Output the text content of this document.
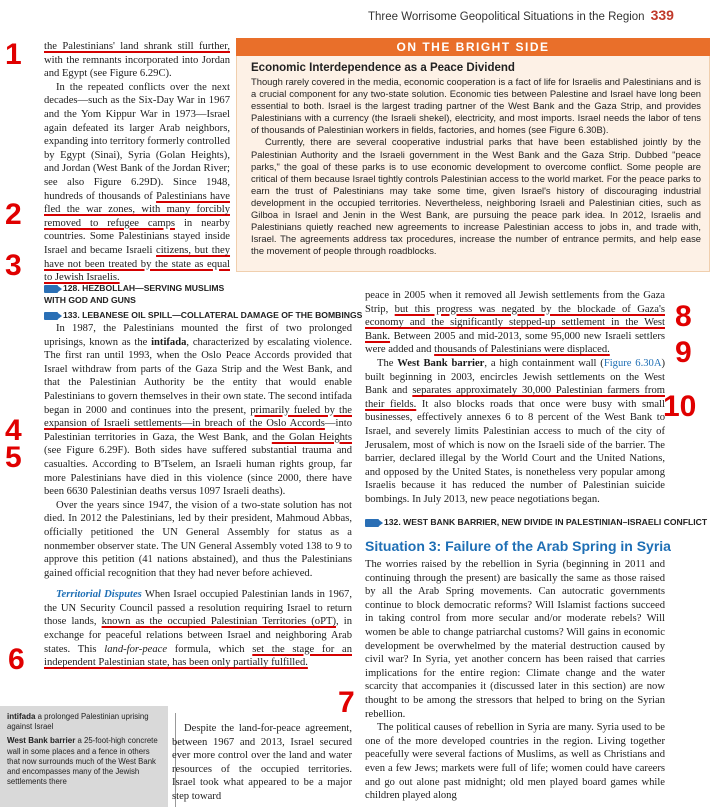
Three Worrisome Geopolitical Situations in the Region 339
1
2
3
4
5
6
7
8
9
10

the Palestinians' land shrank still further, with the remnants incorporated into Jordan and Egypt (see Figure 6.29C).

In the repeated conflicts over the next decades—such as the Six-Day War in 1967 and the Yom Kippur War in 1973—Israel again defeated its larger Arab neighbors, expanding into territory formerly controlled by Egypt (Sinai), Syria (Golan Heights), and Jordan (West Bank of the Jordan River; see also Figure 6.29D). Since 1948, hundreds of thousands of Palestinians have fled the war zones, with many forcibly removed to refugee camps in nearby countries. Some Palestinians stayed inside Israel and became Israeli citizens, but they have not been treated by the state as equal to Jewish Israelis.

ON THE BRIGHT SIDE
Economic Interdependence as a Peace Dividend

Though rarely covered in the media, economic cooperation is a fact of life for Israelis and Palestinians and is a crucial component for any two-state solution. Economic ties between Palestine and Israel have long been essential to both. Israel is the largest trading partner of the West Bank and the Gaza Strip, and provides Palestinians with a currency (the Israeli shekel), electricity, and most imports. Israel needs the labor of tens of thousands of Palestinian workers in fields, factories, and homes (see Figure 6.30B).

Currently, there are several cooperative industrial parks that have been established jointly by the Palestinian Authority and the Israeli government in the West Bank and the Gaza Strip. Dubbed "peace parks," the goal of these parks is to use economic development to overcome conflict. Some people are critical of them because Israel tightly controls Palestinian access to the world market. For the peace parks to earn the trust of Palestinians may take some time, given Israel's history of discouraging industrial development in the occupied territories. Nevertheless, neighboring Israeli and Palestinian cities, such as Gilboa in Israel and Jenin in the West Bank, are pursuing the peace park idea. In 2012, Israelis and Palestinians quietly reached new agreements to increase Palestinian access to jobs in, and trade with, Israel. The agreements address tax procedures, increase the number of entrance permits, and help ease the movement of people through roadblocks.

128. HEZBOLLAH—SERVING MUSLIMS WITH GOD AND GUNS
133. LEBANESE OIL SPILL—COLLATERAL DAMAGE OF THE BOMBINGS

In 1987, the Palestinians mounted the first of two prolonged uprisings, known as the intifada, characterized by escalating violence. The first ran until 1993, when the Oslo Peace Accords provided that Israel withdraw from parts of the Gaza Strip and the West Bank, and that the Palestinian Authority be the entity that would enable Palestinians to govern themselves in their own state. The second intifada began in 2000 and continues into the present, primarily fueled by the expansion of Israeli settlements—in breach of the Oslo Accords—into Palestinian territories in Gaza, the West Bank, and the Golan Heights (see Figure 6.29F). Both sides have suffered substantial trauma and casualties. According to B'Tselem, an Israeli human rights group, far more Palestinians have died in this violence (since 2000, there have been 6630 Palestinian deaths versus 1097 Israeli deaths).

Over the years since 1947, the vision of a two-state solution has not died. In 2012 the Palestinians, led by their president, Mahmoud Abbas, officially petitioned the UN General Assembly for status as a nonmember observer state. The UN General Assembly voted 138 to 9 to approve this petition (41 nations abstained), and thus the Palestinians gained official recognition that they had never before achieved.

Territorial Disputes When Israel occupied Palestinian lands in 1967, the UN Security Council passed a resolution requiring Israel to return those lands, known as the occupied Palestinian Territories (oPT), in exchange for peaceful relations between Israel and neighboring Arab states. This land-for-peace formula, which set the stage for an independent Palestinian state, has been only partially fulfilled.

intifada a prolonged Palestinian uprising against Israel

West Bank barrier a 25-foot-high concrete wall in some places and a fence in others that now surrounds much of the West Bank and encompasses many of the Jewish settlements there

Despite the land-for-peace agreement, between 1967 and 2013, Israel secured ever more control over the land and water resources of the occupied territories. Israel took what appeared to be a major step toward

peace in 2005 when it removed all Jewish settlements from the Gaza Strip, but this progress was negated by the blockade of Gaza's economy and the significantly stepped-up settlement in the West Bank. Between 2005 and mid-2013, some 95,000 new Israeli settlers were added and thousands of Palestinians were displaced.

The West Bank barrier, a high containment wall (Figure 6.30A) built beginning in 2003, encircles Jewish settlements on the West Bank and separates approximately 30,000 Palestinian farmers from their fields. It also blocks roads that once were busy with small businesses, effectively annexes 6 to 8 percent of the West Bank to Israel, and severely limits Palestinian access to much of the city of Jerusalem, most of which is now on the Israeli side of the barrier. The barrier, declared illegal by the World Court and the United Nations, and opposed by the United States, is nonetheless very popular among Israelis because it has reduced the number of Palestinian suicide bombings. In July 2013, new peace negotiations began.

132. WEST BANK BARRIER, NEW DIVIDE IN PALESTINIAN–ISRAELI CONFLICT
Situation 3: Failure of the Arab Spring in Syria

The worries raised by the rebellion in Syria (beginning in 2011 and continuing through the present) are basically the same as those raised by all the Arab Spring movements. Can autocratic governments continue to block democratic reforms? Will Islamist factions succeed in taking control from more secular and/or moderate rebels? Will women be able to change patriarchal customs? Will gains in economic development be overwhelmed by the material destruction caused by civil war? In Syria, yet another concern has been raised that carries implications for the entire region: Climate change and the water scarcity that accompanies it (discussed later in this section) are now thought to be among the stressors that helped to bring on the Syrian rebellion.

The political causes of rebellion in Syria are many. Syria used to be one of the more developed countries in the region. Living together peacefully were several factions of Muslims, as well as Christians and even a few Jews; markets were full of life; women could have careers and go out alone past midnight; old men played board games while children played along
